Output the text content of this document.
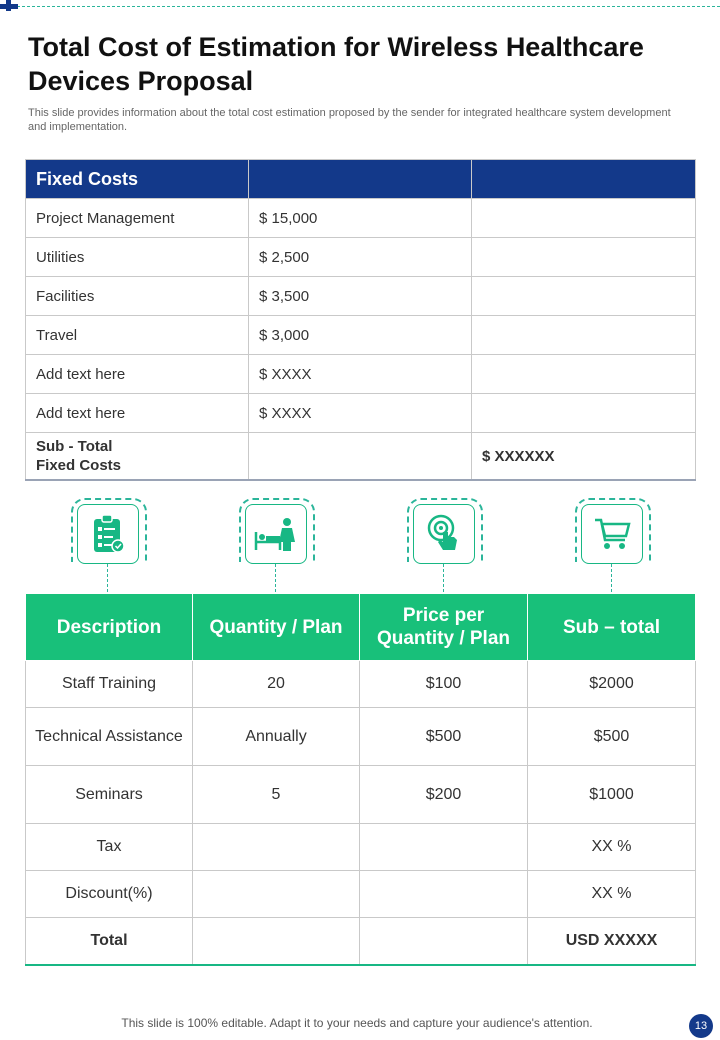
Total Cost of Estimation for Wireless Healthcare Devices Proposal

This slide provides information about the total cost estimation proposed by the sender for integrated healthcare system development and implementation.

Fixed Costs		
Project Management	$ 15,000	
Utilities	$ 2,500	
Facilities	$ 3,500	
Travel	$ 3,000	
Add text here	$ XXXX	
Add text here	$ XXXX	
Sub - Total
Fixed Costs		$ XXXXXX
Description	Quantity / Plan	Price per Quantity / Plan	Sub – total
Staff Training	20	$100	$2000
Technical Assistance	Annually	$500	$500
Seminars	5	$200	$1000
Tax			XX %
Discount(%)			XX %
Total			USD XXXXX

This slide is 100% editable. Adapt it to your needs and capture your audience's attention.	13
